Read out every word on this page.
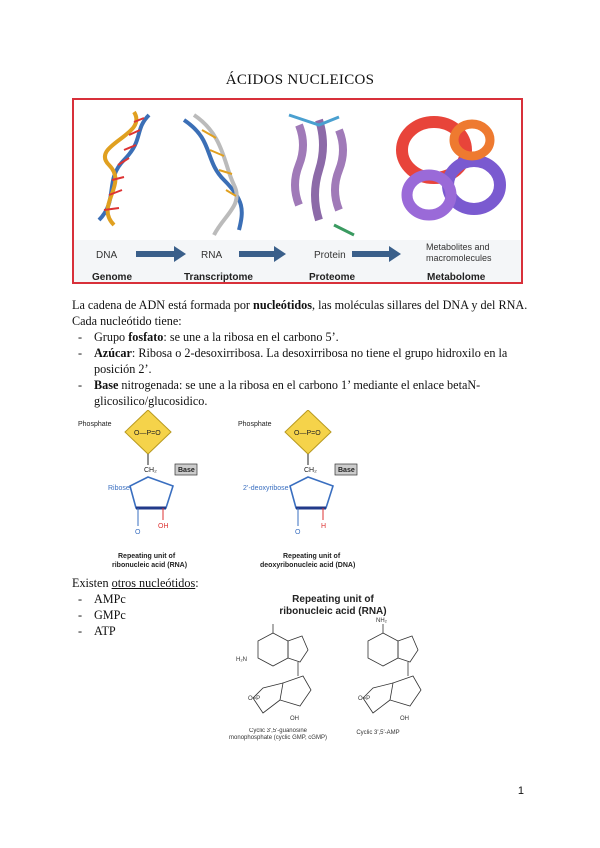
ÁCIDOS NUCLEICOS
DNA	RNA	Protein
Metabolites and macromolecules
Genome	Transcriptome	Proteome	Metabolome
La cadena de ADN está formada por nucleótidos, las moléculas sillares del DNA y del RNA.
Cada nucleótido tiene:
- Grupo fosfato: se une a la ribosa en el carbono 5’.
- Azúcar: Ribosa o 2-desoxirribosa. La desoxirribosa no tiene el grupo hidroxilo en la posición 2’.
- Base nitrogenada: se une a la ribosa en el carbono 1’ mediante el enlace betaN-glicosilico/glucosidico.
Phosphate
O—P=O
CH₂	Base
Ribose
OH
O
Repeating unit of
ribonucleic acid (RNA)
Phosphate
O—P=O
CH₂	Base
2’-deoxyribose
H
O
Repeating unit of
deoxyribonucleic acid (DNA)
Existen otros nucleótidos:
- AMPc
- GMPc
- ATP
Repeating unit of
ribonucleic acid (RNA)
H₂N
O=P
OH
NH₂
O=P
OH
Cyclic 3',5'-guanosine monophosphate (cyclic GMP, cGMP)
Cyclic 3',5'-AMP
1
